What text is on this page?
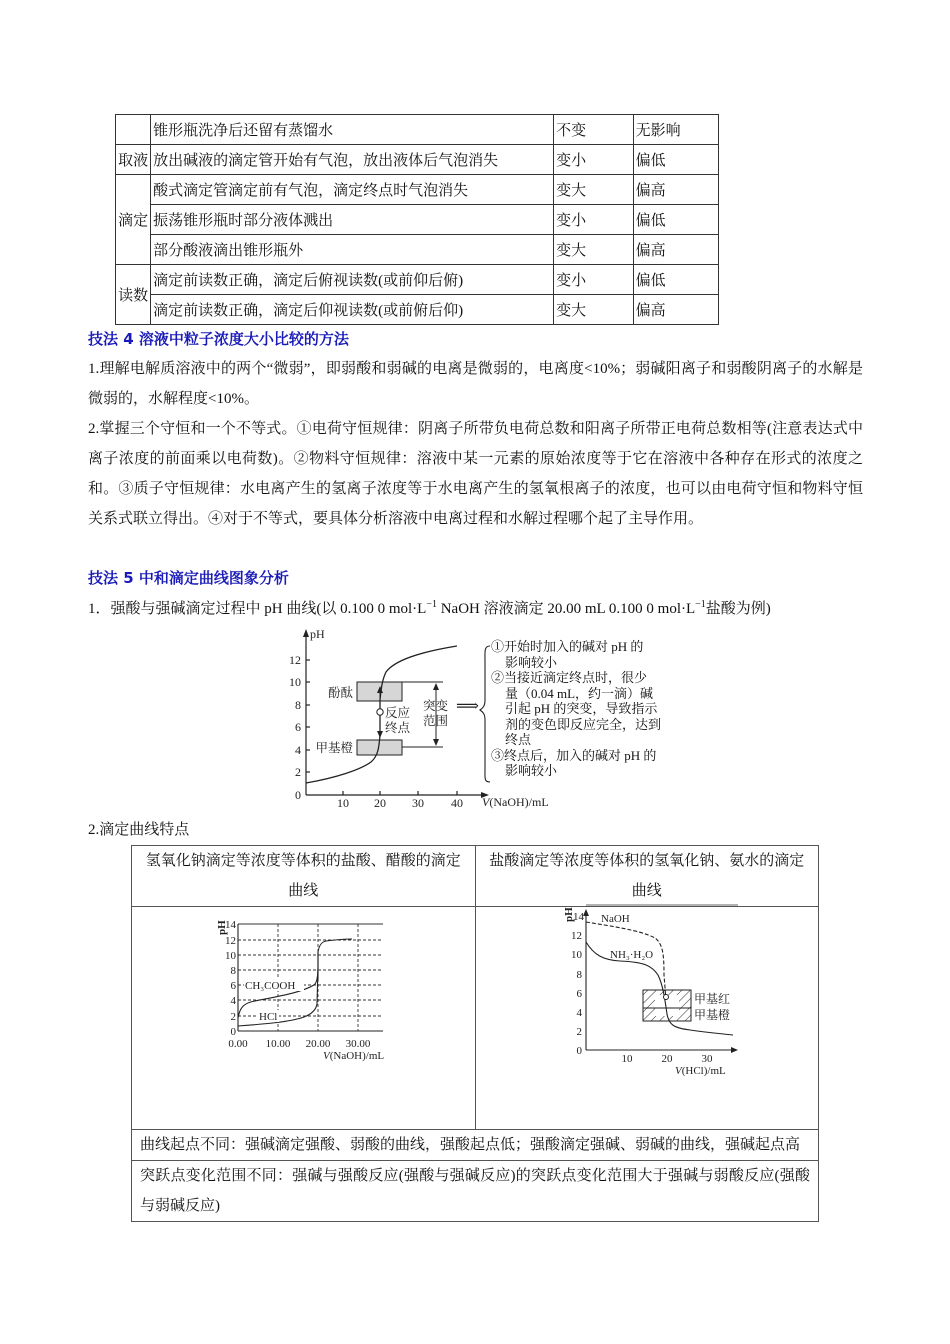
	锥形瓶洗净后还留有蒸馏水	不变	无影响
取液	放出碱液的滴定管开始有气泡，放出液体后气泡消失	变小	偏低
滴定	酸式滴定管滴定前有气泡，滴定终点时气泡消失	变大	偏高
	振荡锥形瓶时部分液体溅出	变小	偏低
	部分酸液滴出锥形瓶外	变大	偏高
读数	滴定前读数正确，滴定后俯视读数(或前仰后俯)	变小	偏低
	滴定前读数正确，滴定后仰视读数(或前俯后仰)	变大	偏高
技法 4 溶液中粒子浓度大小比较的方法
1.理解电解质溶液中的两个“微弱”，即弱酸和弱碱的电离是微弱的，电离度<10%；弱碱阳离子和弱酸阴离子的水解是微弱的，水解程度<10%。
2.掌握三个守恒和一个不等式。①电荷守恒规律：阴离子所带负电荷总数和阳离子所带正电荷总数相等(注意表达式中离子浓度的前面乘以电荷数)。②物料守恒规律：溶液中某一元素的原始浓度等于它在溶液中各种存在形式的浓度之和。③质子守恒规律：水电离产生的氢离子浓度等于水电离产生的氢氧根离子的浓度，也可以由电荷守恒和物料守恒关系式联立得出。④对于不等式，要具体分析溶液中电离过程和水解过程哪个起了主导作用。
技法 5 中和滴定曲线图象分析
1．强酸与强碱滴定过程中 pH 曲线(以 0.100 0 $mol\cdot L^{-1}$ NaOH 溶液滴定 20.00 mL 0.100 0 $mol\cdot L^{-1}$盐酸为例)
pH
0
2
4
6
8
10
12
10 20 30 40
酚酞
甲基橙
反应
终点
突变
范围
⟹
V(NaOH)/mL
①开始时加入的碱对 pH 的
影响较小
②当接近滴定终点时，很少
量（0.04 mL，约一滴）碱
引起 pH 的突变，导致指示
剂的变色即反应完全，达到
终点
③终点后，加入的碱对 pH 的
影响较小
2.滴定曲线特点
氢氧化钠滴定等浓度等体积的盐酸、醋酸的滴定曲线	盐酸滴定等浓度等体积的氢氧化钠、氨水的滴定曲线

曲线起点不同：强碱滴定强酸、弱酸的曲线，强酸起点低；强酸滴定强碱、弱碱的曲线，强碱起点高	
突跃点变化范围不同：强碱与强酸反应(强酸与强碱反应)的突跃点变化范围大于强碱与弱酸反应(强酸与弱碱反应)	
0
2
4
6
8
10
12
14
0.00 10.00 20.00 30.00
CH₃COOH
HCl
pH
V(NaOH)/mL	0
2
4
6
8
10
12
14
10	20	30
NaOH
NH₃·H₂O
甲基红
甲基橙
pH
V(HCl)/mL
